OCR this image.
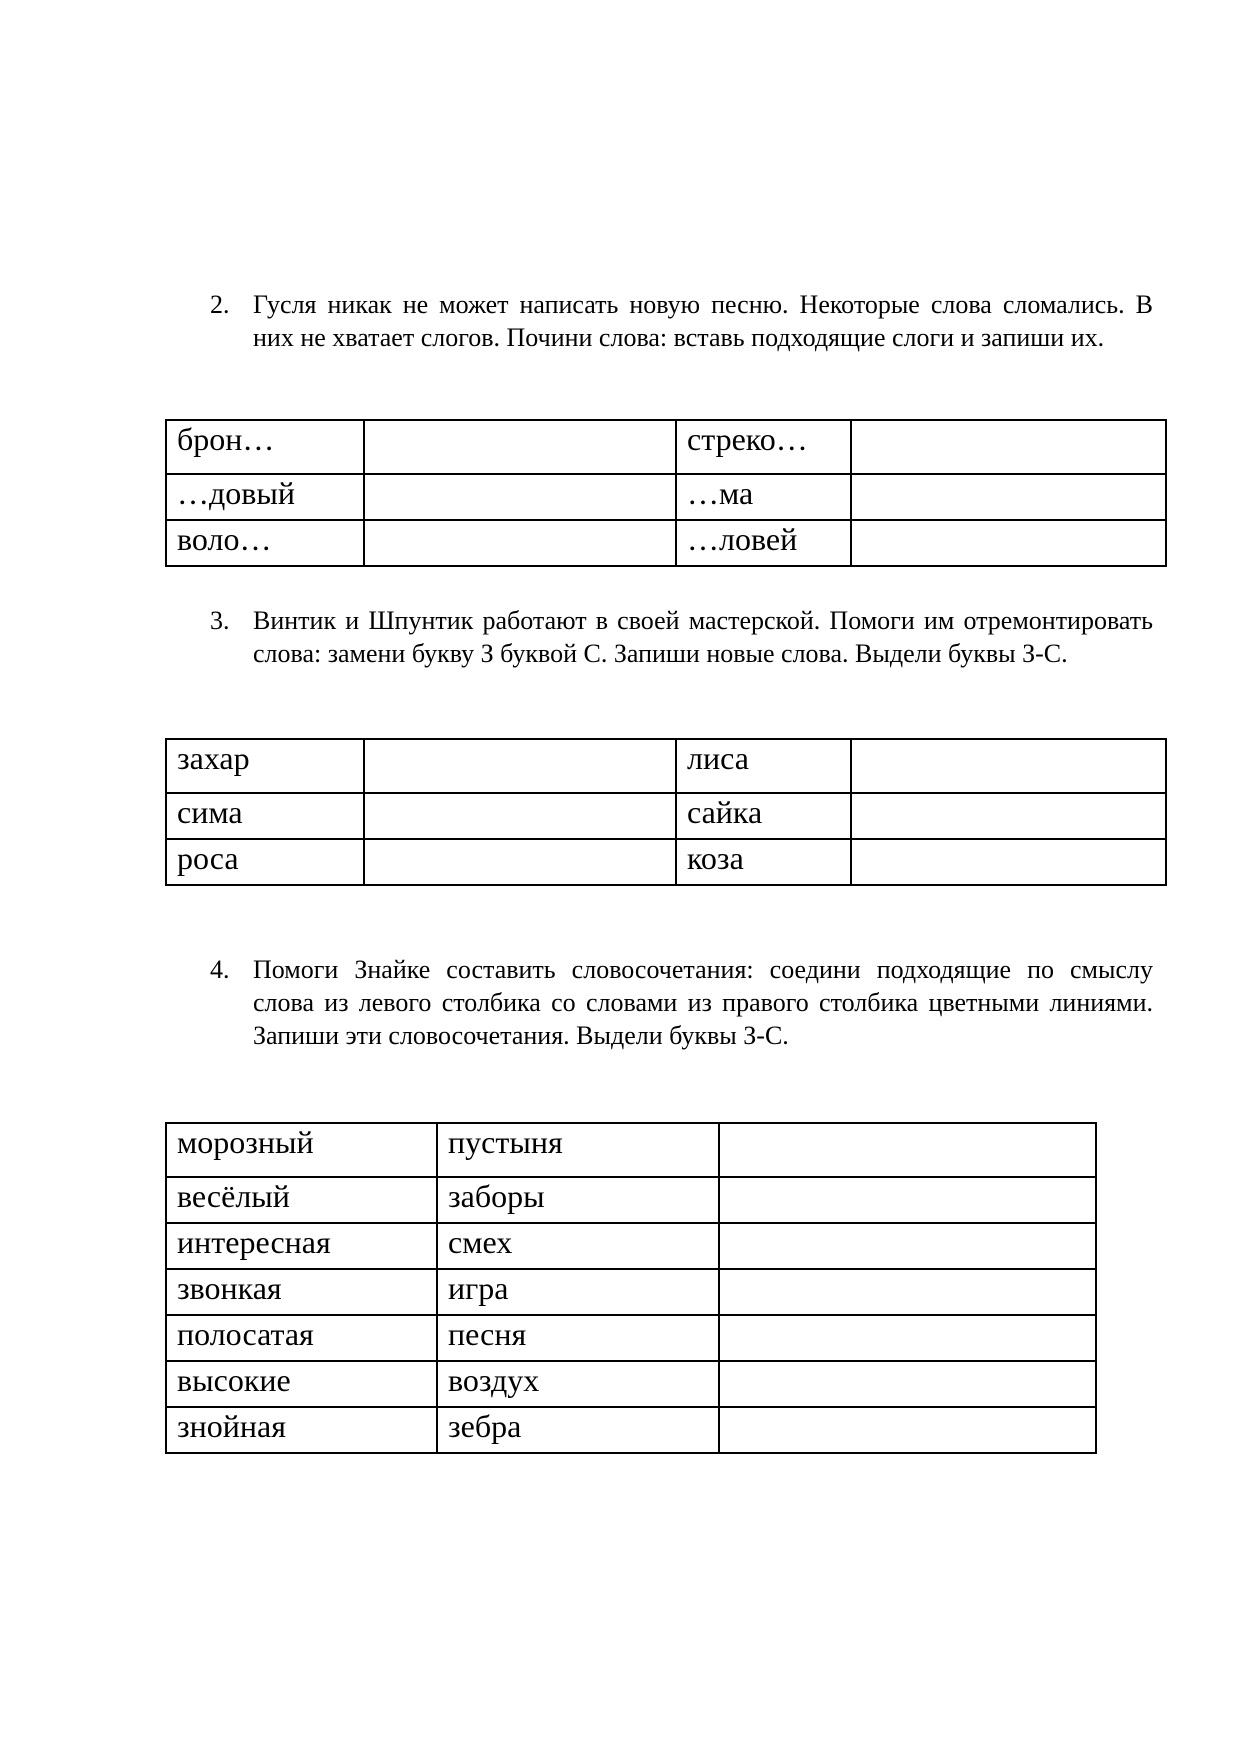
2. Гусля никак не может написать новую песню. Некоторые слова сломались. В них не хватает слогов. Почини слова: вставь подходящие слоги и запиши их.
брон…		стреко…	
…довый		…ма	
воло…		…ловей	
3. Винтик и Шпунтик работают в своей мастерской. Помоги им отремонтировать слова: замени букву З буквой С. Запиши новые слова. Выдели буквы З-С.
захар		лиса	
сима		сайка	
роса		коза	
4. Помоги Знайке составить словосочетания: соедини подходящие по смыслу слова из левого столбика со словами из правого столбика цветными линиями. Запиши эти словосочетания. Выдели буквы З-С.
морозный	пустыня	
весёлый	заборы	
интересная	смех	
звонкая	игра	
полосатая	песня	
высокие	воздух	
знойная	зебра	
